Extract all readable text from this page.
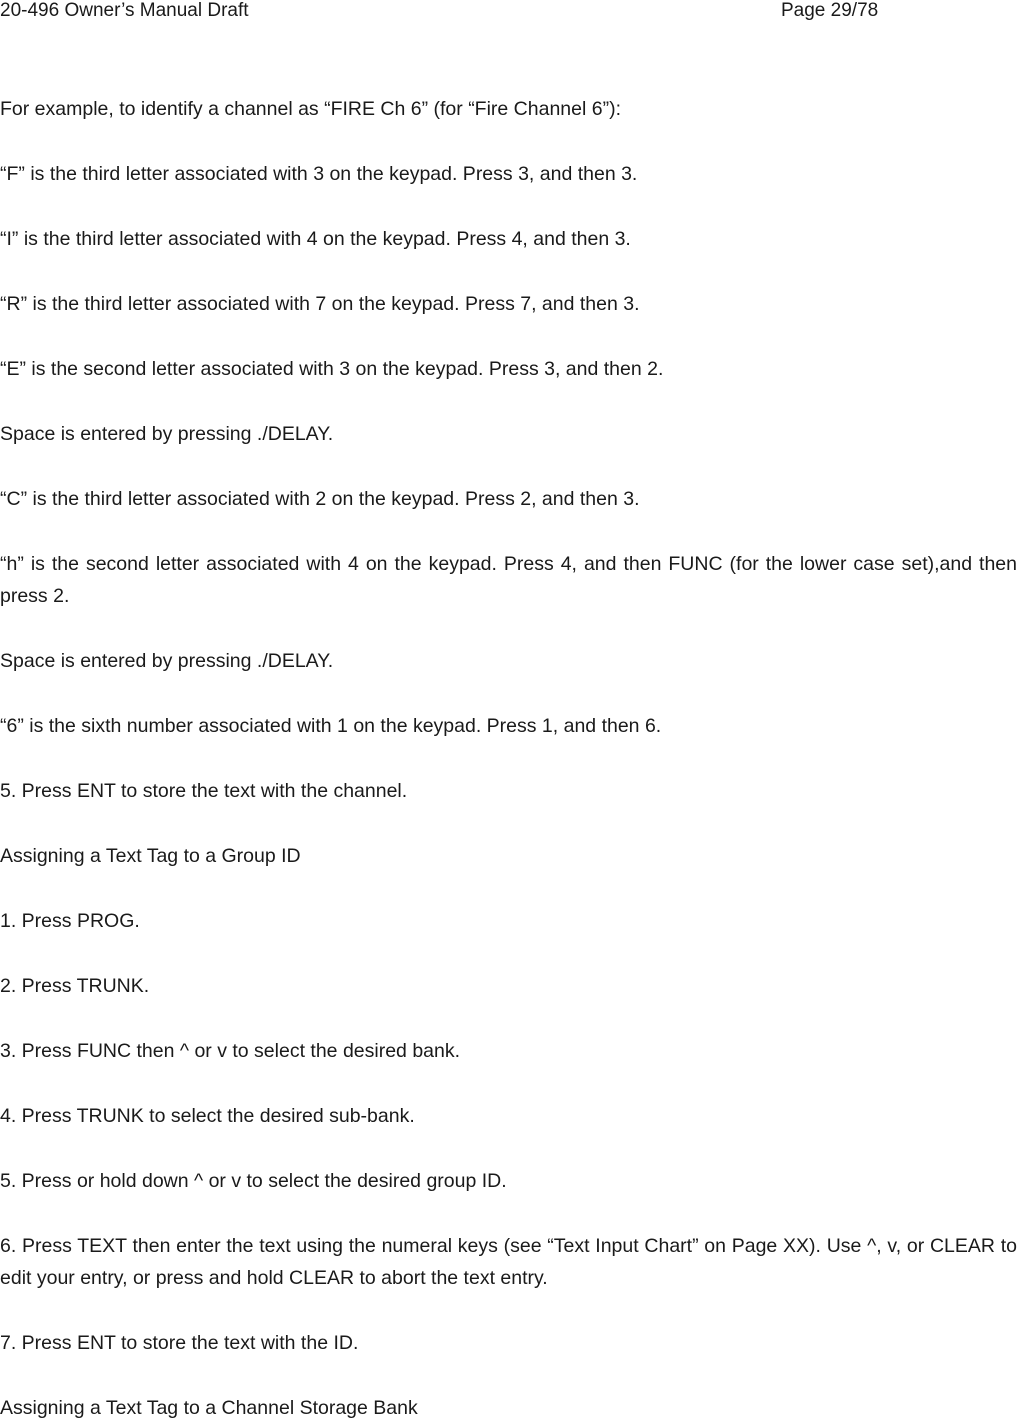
20-496 Owner’s Manual Draft	Page 29/78

For example, to identify a channel as “FIRE Ch 6” (for “Fire Channel 6”):

“F” is the third letter associated with 3 on the keypad. Press 3, and then 3.

“I” is the third letter associated with 4 on the keypad. Press 4, and then 3.

“R” is the third letter associated with 7 on the keypad. Press 7, and then 3.

“E” is the second letter associated with 3 on the keypad. Press 3, and then 2.

Space is entered by pressing ./DELAY.

“C” is the third letter associated with 2 on the keypad. Press 2, and then 3.

“h” is the second letter associated with 4 on the keypad. Press 4, and then FUNC (for the lower case set),and then press 2.

Space is entered by pressing ./DELAY.

“6” is the sixth number associated with 1 on the keypad. Press 1, and then 6.

5. Press ENT to store the text with the channel.

Assigning a Text Tag to a Group ID

1. Press PROG.

2. Press TRUNK.

3. Press FUNC then ^ or v to select the desired bank.

4. Press TRUNK to select the desired sub-bank.

5. Press or hold down ^ or v to select the desired group ID.

6. Press TEXT then enter the text using the numeral keys (see “Text Input Chart” on Page XX). Use ^, v, or CLEAR to edit your entry, or press and hold CLEAR to abort the text entry.

7. Press ENT to store the text with the ID.

Assigning a Text Tag to a Channel Storage Bank
